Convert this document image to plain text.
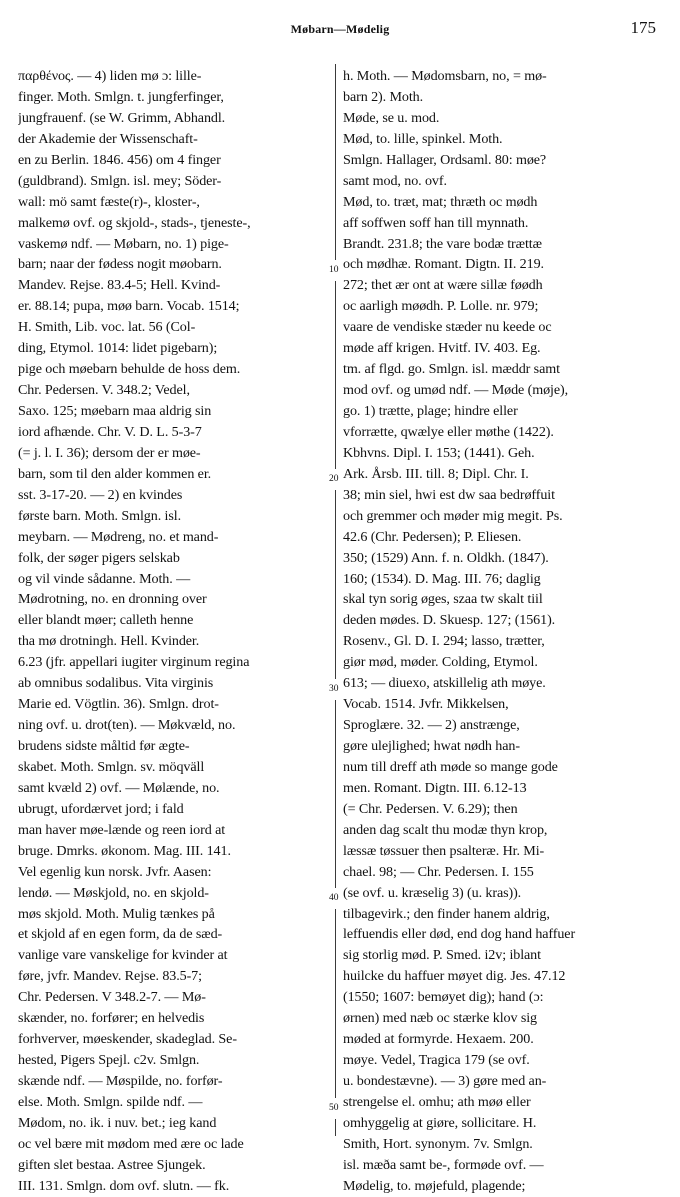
Møbarn—Mødelig	175
παρθένος. — 4) liden mø ɔ: lille-
finger. Moth. Smlgn. t. jungferfinger,
jungfrauenf. (se W. Grimm, Abhandl.
der Akademie der Wissenschaft-
en zu Berlin. 1846. 456) om 4 finger
(guldbrand). Smlgn. isl. mey; Söder-
wall: mö samt fæste(r)-, kloster-,
malkemø ovf. og skjold-, stads-, tjeneste-,
vaskemø ndf. — Møbarn, no. 1) pige-
barn; naar der fødess nogit møobarn.
Mandev. Rejse. 83.4-5; Hell. Kvind-
er. 88.14; pupa, møø barn. Vocab. 1514;
H. Smith, Lib. voc. lat. 56 (Col-
ding, Etymol. 1014: lidet pigebarn);
pige och møebarn behulde de hoss dem.
Chr. Pedersen. V. 348.2; Vedel,
Saxo. 125; møebarn maa aldrig sin
iord afhænde. Chr. V. D. L. 5-3-7
(= j. l. I. 36); dersom der er møe-
barn, som til den alder kommen er.
sst. 3-17-20. — 2) en kvindes
første barn. Moth. Smlgn. isl.
meybarn. — Mødreng, no. et mand-
folk, der søger pigers selskab
og vil vinde sådanne. Moth. —
Mødrotning, no. en dronning over
eller blandt møer; calleth henne
tha mø drotningh. Hell. Kvinder.
6.23 (jfr. appellari iugiter virginum regina
ab omnibus sodalibus. Vita virginis
Marie ed. Vögtlin. 36). Smlgn. drot-
ning ovf. u. drot(ten). — Møkvæld, no.
brudens sidste måltid før ægte-
skabet. Moth. Smlgn. sv. möqväll
samt kvæld 2) ovf. — Mølænde, no.
ubrugt, ufordærvet jord; i fald
man haver møe-lænde og reen iord at
bruge. Dmrks. økonom. Mag. III. 141.
Vel egenlig kun norsk. Jvfr. Aasen:
lendø. — Møskjold, no. en skjold-
møs skjold. Moth. Mulig tænkes på
et skjold af en egen form, da de sæd-
vanlige vare vanskelige for kvinder at
føre, jvfr. Mandev. Rejse. 83.5-7;
Chr. Pedersen. V 348.2-7. — Mø-
skænder, no. forfører; en helvedis
forhverver, møeskender, skadeglad. Se-
hested, Pigers Spejl. c2v. Smlgn.
skænde ndf. — Møspilde, no. forfør-
else. Moth. Smlgn. spilde ndf. —
Mødom, no. ik. i nuv. bet.; ieg kand
oc vel bære mit mødom med ære oc lade
giften slet bestaa. Astree Sjungek.
III. 131. Smlgn. dom ovf. slutn. — fk.
10
20
30
40
50
h. Moth. — Mødomsbarn, no, = mø-
barn 2). Moth.
Møde, se u. mod.
Mød, to. lille, spinkel. Moth.
Smlgn. Hallager, Ordsaml. 80: møe?
samt mod, no. ovf.
Mød, to. træt, mat; thræth oc mødh
aff soffwen soff han till mynnath.
Brandt. 231.8; the vare bodæ trættæ
och mødhæ. Romant. Digtn. II. 219.
272; thet ær ont at wære sillæ føødh
oc aarligh møødh. P. Lolle. nr. 979;
vaare de vendiske stæder nu keede oc
møde aff krigen. Hvitf. IV. 403. Eg.
tm. af flgd. go. Smlgn. isl. mæddr samt
mod ovf. og umød ndf. — Møde (møje),
go. 1) trætte, plage; hindre eller
vforrætte, qwælye eller møthe (1422).
Kbhvns. Dipl. I. 153; (1441). Geh.
Ark. Årsb. III. till. 8; Dipl. Chr. I.
38; min siel, hwi est dw saa bedrøffuit
och gremmer och møder mig megit. Ps.
42.6 (Chr. Pedersen); P. Eliesen.
350; (1529) Ann. f. n. Oldkh. (1847).
160; (1534). D. Mag. III. 76; daglig
skal tyn sorig øges, szaa tw skalt tiil
deden mødes. D. Skuesp. 127; (1561).
Rosenv., Gl. D. I. 294; lasso, trætter,
giør mød, møder. Colding, Etymol.
613; — diuexo, atskillelig ath møye.
Vocab. 1514. Jvfr. Mikkelsen,
Sproglære. 32. — 2) anstrænge,
gøre ulejlighed; hwat nødh han-
num till dreff ath møde so mange gode
men. Romant. Digtn. III. 6.12-13
(= Chr. Pedersen. V. 6.29); then
anden dag scalt thu modæ thyn krop,
læssæ tøssuer then psalteræ. Hr. Mi-
chael. 98; — Chr. Pedersen. I. 155
(se ovf. u. kræselig 3) (u. kras)).
tilbagevirk.; den finder hanem aldrig,
leffuendis eller død, end dog hand haffuer
sig storlig mød. P. Smed. i2v; iblant
huilcke du haffuer møyet dig. Jes. 47.12
(1550; 1607: bemøyet dig); hand (ɔ:
ørnen) med næb oc stærke klov sig
møded at formyrde. Hexaem. 200.
møye. Vedel, Tragica 179 (se ovf.
u. bondestævne). — 3) gøre med an-
strengelse el. omhu; ath møø eller
omhyggelig at giøre, sollicitare. H.
Smith, Hort. synonym. 7v. Smlgn.
isl. mæða samt be-, formøde ovf. —
Mødelig, to. møjefuld, plagende;
